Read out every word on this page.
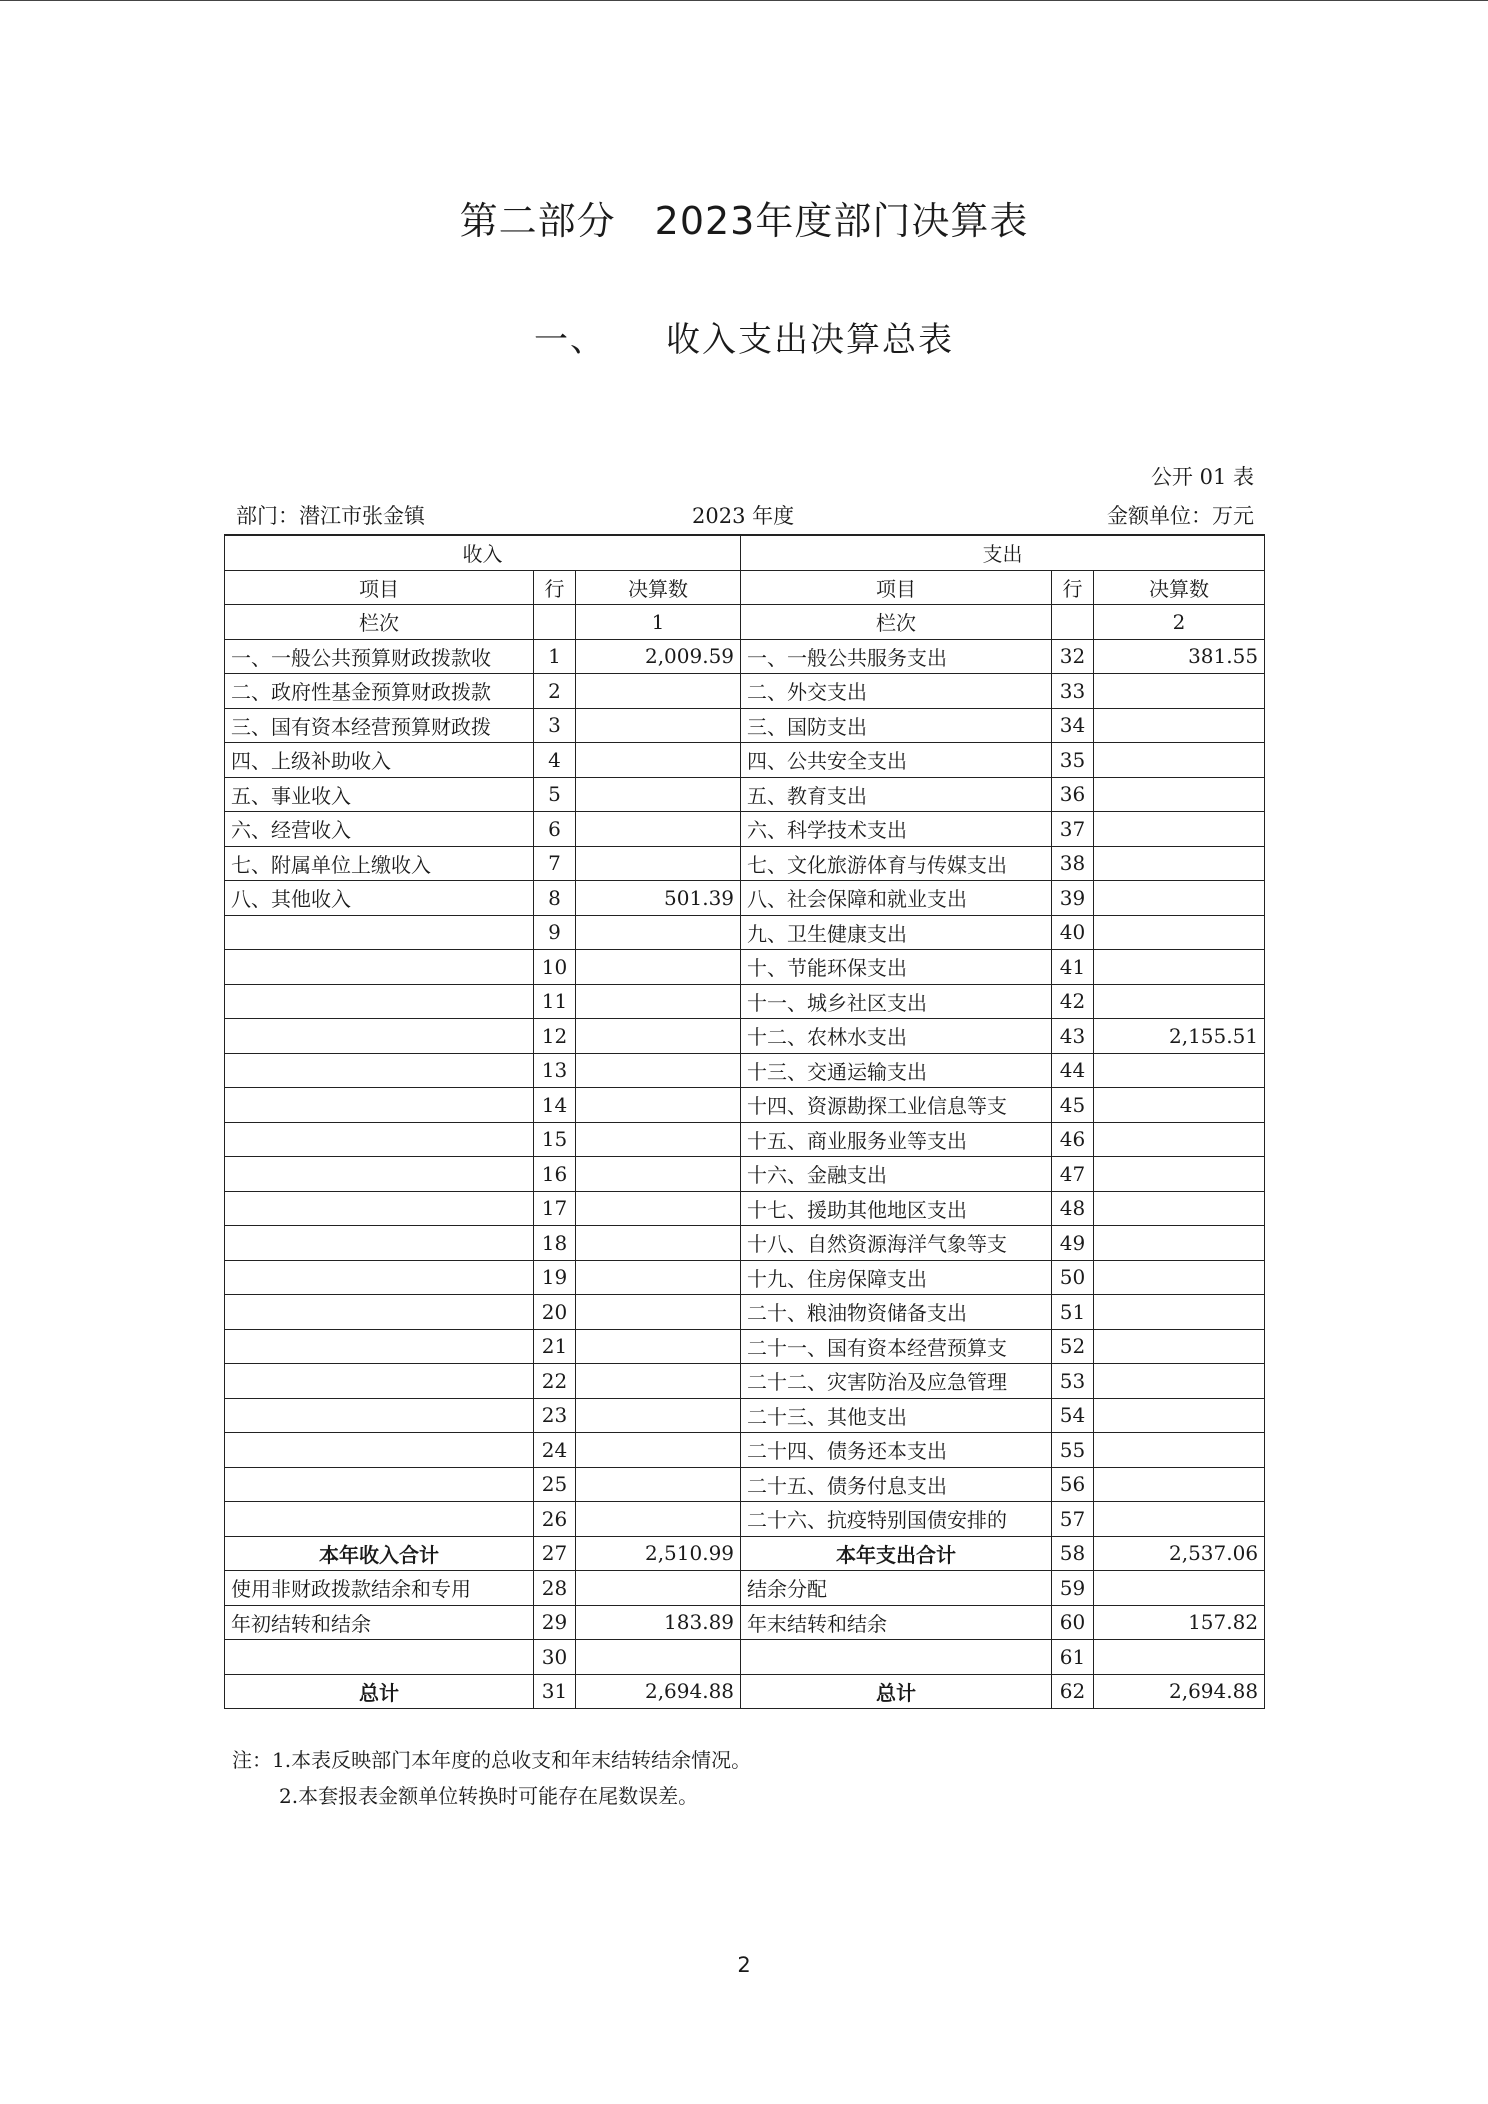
第二部分　2023年度部门决算表
一、 收入支出决算总表
公开 01 表
部门：潜江市张金镇	2023 年度	金额单位：万元
收入			支出		
项目	行	决算数	项目	行	决算数
栏次		1	栏次		2
一、一般公共预算财政拨款收	1	2,009.59	一、一般公共服务支出	32	381.55
二、政府性基金预算财政拨款	2		二、外交支出	33	
三、国有资本经营预算财政拨	3		三、国防支出	34	
四、上级补助收入	4		四、公共安全支出	35	
五、事业收入	5		五、教育支出	36	
六、经营收入	6		六、科学技术支出	37	
七、附属单位上缴收入	7		七、文化旅游体育与传媒支出	38	
八、其他收入	8	501.39	八、社会保障和就业支出	39	
	9		九、卫生健康支出	40	
	10		十、节能环保支出	41	
	11		十一、城乡社区支出	42	
	12		十二、农林水支出	43	2,155.51
	13		十三、交通运输支出	44	
	14		十四、资源勘探工业信息等支	45	
	15		十五、商业服务业等支出	46	
	16		十六、金融支出	47	
	17		十七、援助其他地区支出	48	
	18		十八、自然资源海洋气象等支	49	
	19		十九、住房保障支出	50	
	20		二十、粮油物资储备支出	51	
	21		二十一、国有资本经营预算支	52	
	22		二十二、灾害防治及应急管理	53	
	23		二十三、其他支出	54	
	24		二十四、债务还本支出	55	
	25		二十五、债务付息支出	56	
	26		二十六、抗疫特别国债安排的	57	
本年收入合计	27	2,510.99	本年支出合计	58	2,537.06
使用非财政拨款结余和专用	28		结余分配	59	
年初结转和结余	29	183.89	年末结转和结余	60	157.82
	30			61	
总计	31	2,694.88	总计	62	2,694.88
注：1.本表反映部门本年度的总收支和年末结转结余情况。
2.本套报表金额单位转换时可能存在尾数误差。
2
